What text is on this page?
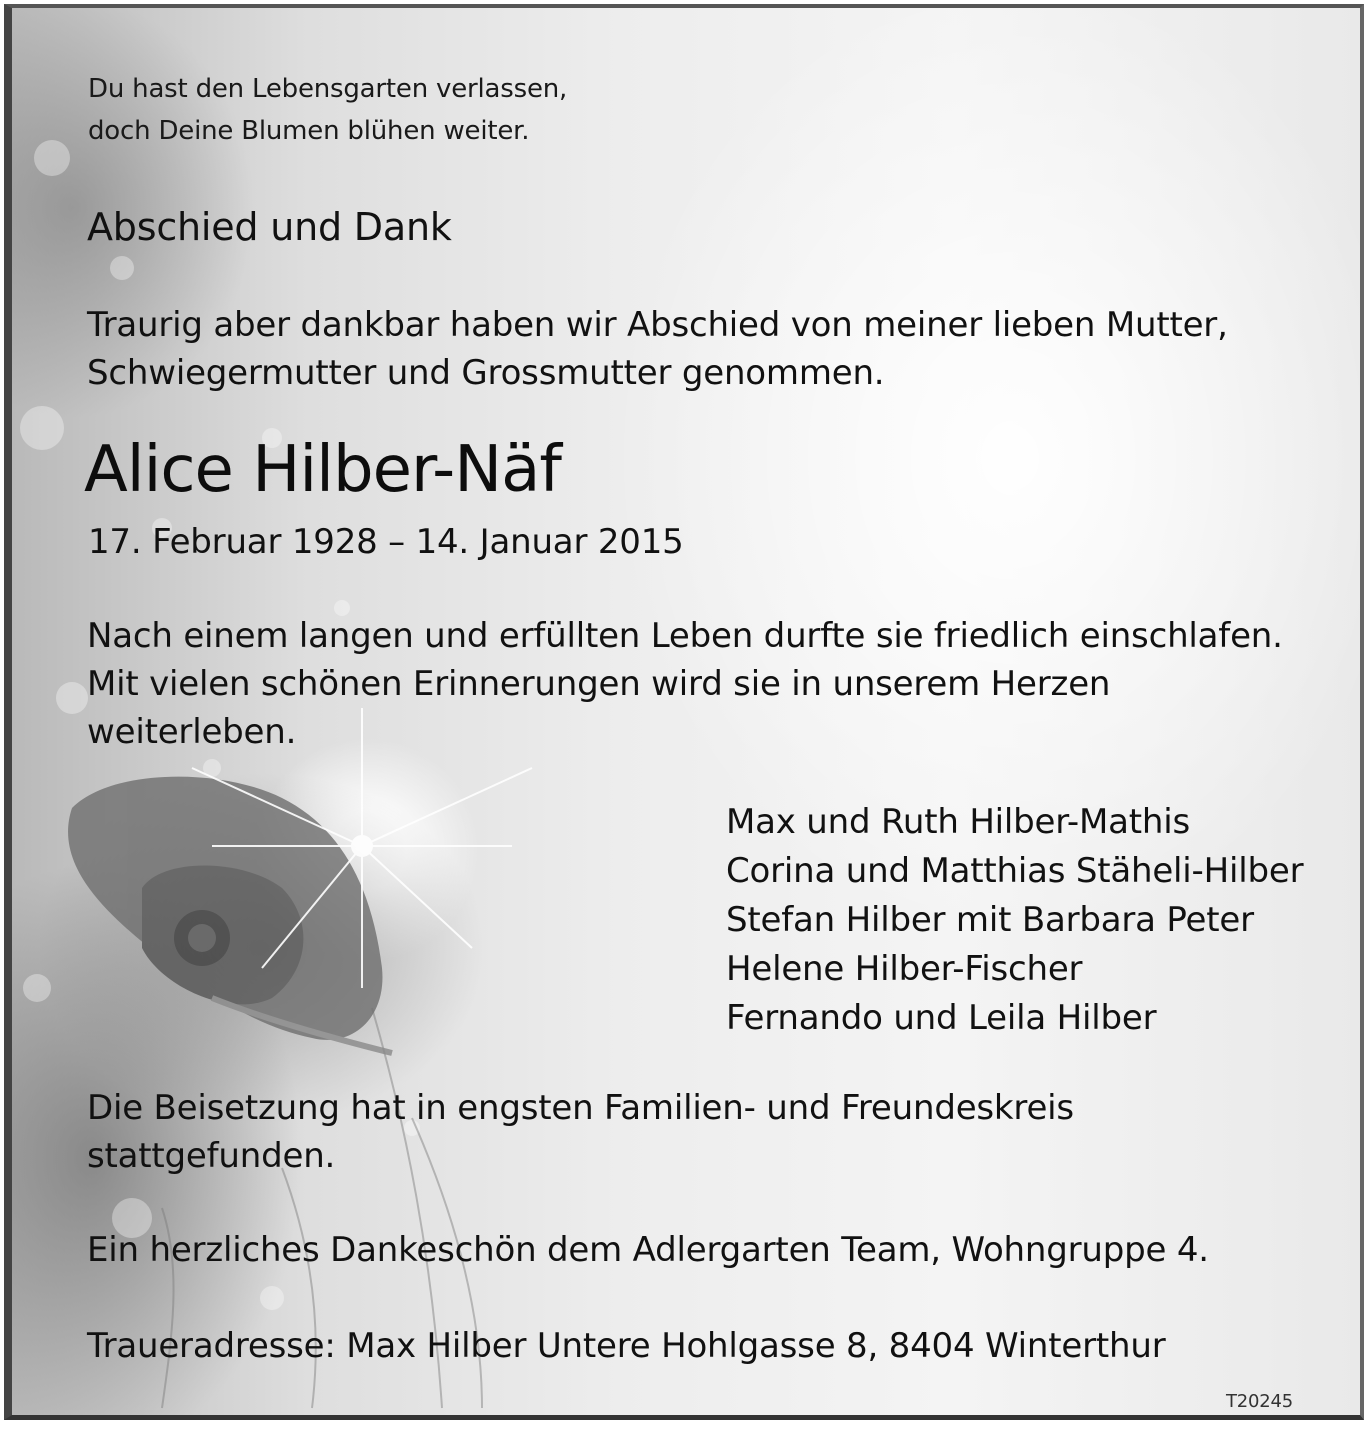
Du hast den Lebensgarten verlassen,
doch Deine Blumen blühen weiter.
Abschied und Dank
Traurig aber dankbar haben wir Abschied von meiner lieben Mutter,
Schwiegermutter und Grossmutter genommen.
Alice Hilber-Näf
17. Februar 1928 – 14. Januar 2015
Nach einem langen und erfüllten Leben durfte sie friedlich einschlafen.
Mit vielen schönen Erinnerungen wird sie in unserem Herzen
weiterleben.
Max und Ruth Hilber-Mathis
Corina und Matthias Stäheli-Hilber
Stefan Hilber mit Barbara Peter
Helene Hilber-Fischer
Fernando und Leila Hilber
Die Beisetzung hat in engsten Familien- und Freundeskreis
stattgefunden.
Ein herzliches Dankeschön dem Adlergarten Team, Wohngruppe 4.
Traueradresse: Max Hilber Untere Hohlgasse 8, 8404 Winterthur
T20245
